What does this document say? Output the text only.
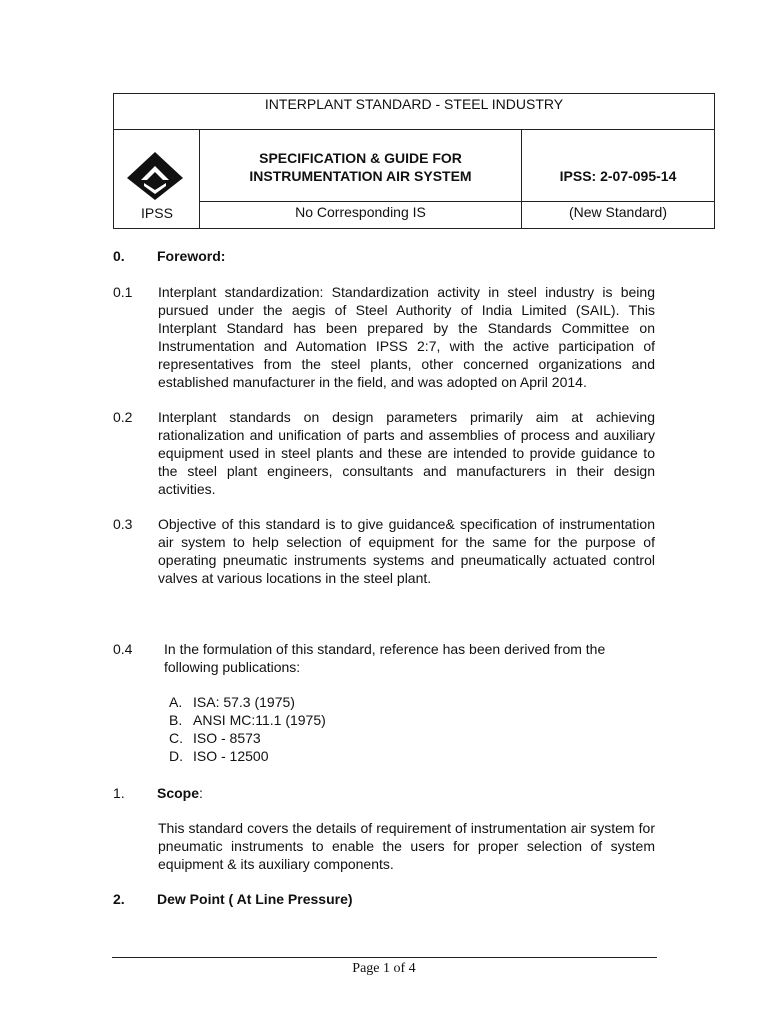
INTERPLANT STANDARD - STEEL INDUSTRY
IPSS
SPECIFICATION & GUIDE FOR
INSTRUMENTATION AIR SYSTEM	IPSS: 2-07-095-14
No Corresponding IS	(New Standard)
0. Foreword:
0.1 Interplant standardization: Standardization activity in steel industry is being pursued under the aegis of Steel Authority of India Limited (SAIL). This Interplant Standard has been prepared by the Standards Committee on Instrumentation and Automation IPSS 2:7, with the active participation of representatives from the steel plants, other concerned organizations and established manufacturer in the field, and was adopted on April 2014.
0.2 Interplant standards on design parameters primarily aim at achieving rationalization and unification of parts and assemblies of process and auxiliary equipment used in steel plants and these are intended to provide guidance to the steel plant engineers, consultants and manufacturers in their design activities.
0.3 Objective of this standard is to give guidance& specification of instrumentation air system to help selection of equipment for the same for the purpose of operating pneumatic instruments systems and pneumatically actuated control valves at various locations in the steel plant.
0.4 In the formulation of this standard, reference has been derived from the following publications:
A. ISA: 57.3 (1975)
B. ANSI MC:11.1 (1975)
C. ISO - 8573
D. ISO - 12500
1. Scope:
This standard covers the details of requirement of instrumentation air system for pneumatic instruments to enable the users for proper selection of system equipment & its auxiliary components.
2. Dew Point ( At Line Pressure)
Page 1 of 4
